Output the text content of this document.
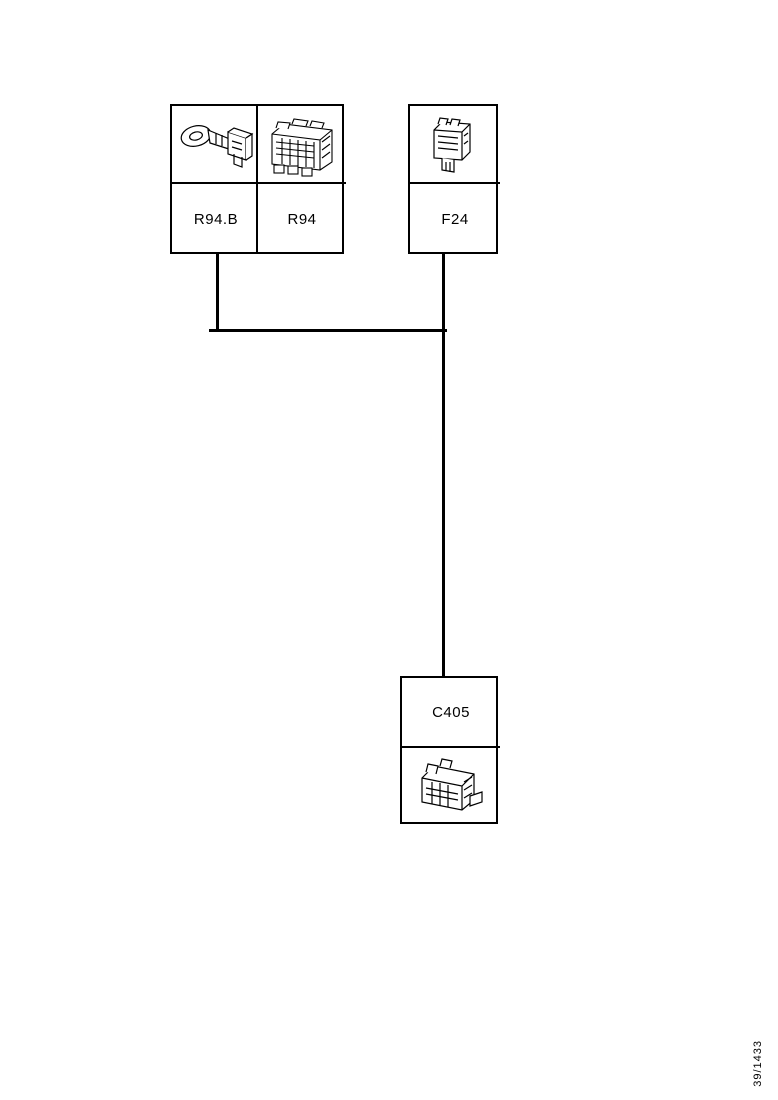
R94.B	R94	F24
C405
39/1433
